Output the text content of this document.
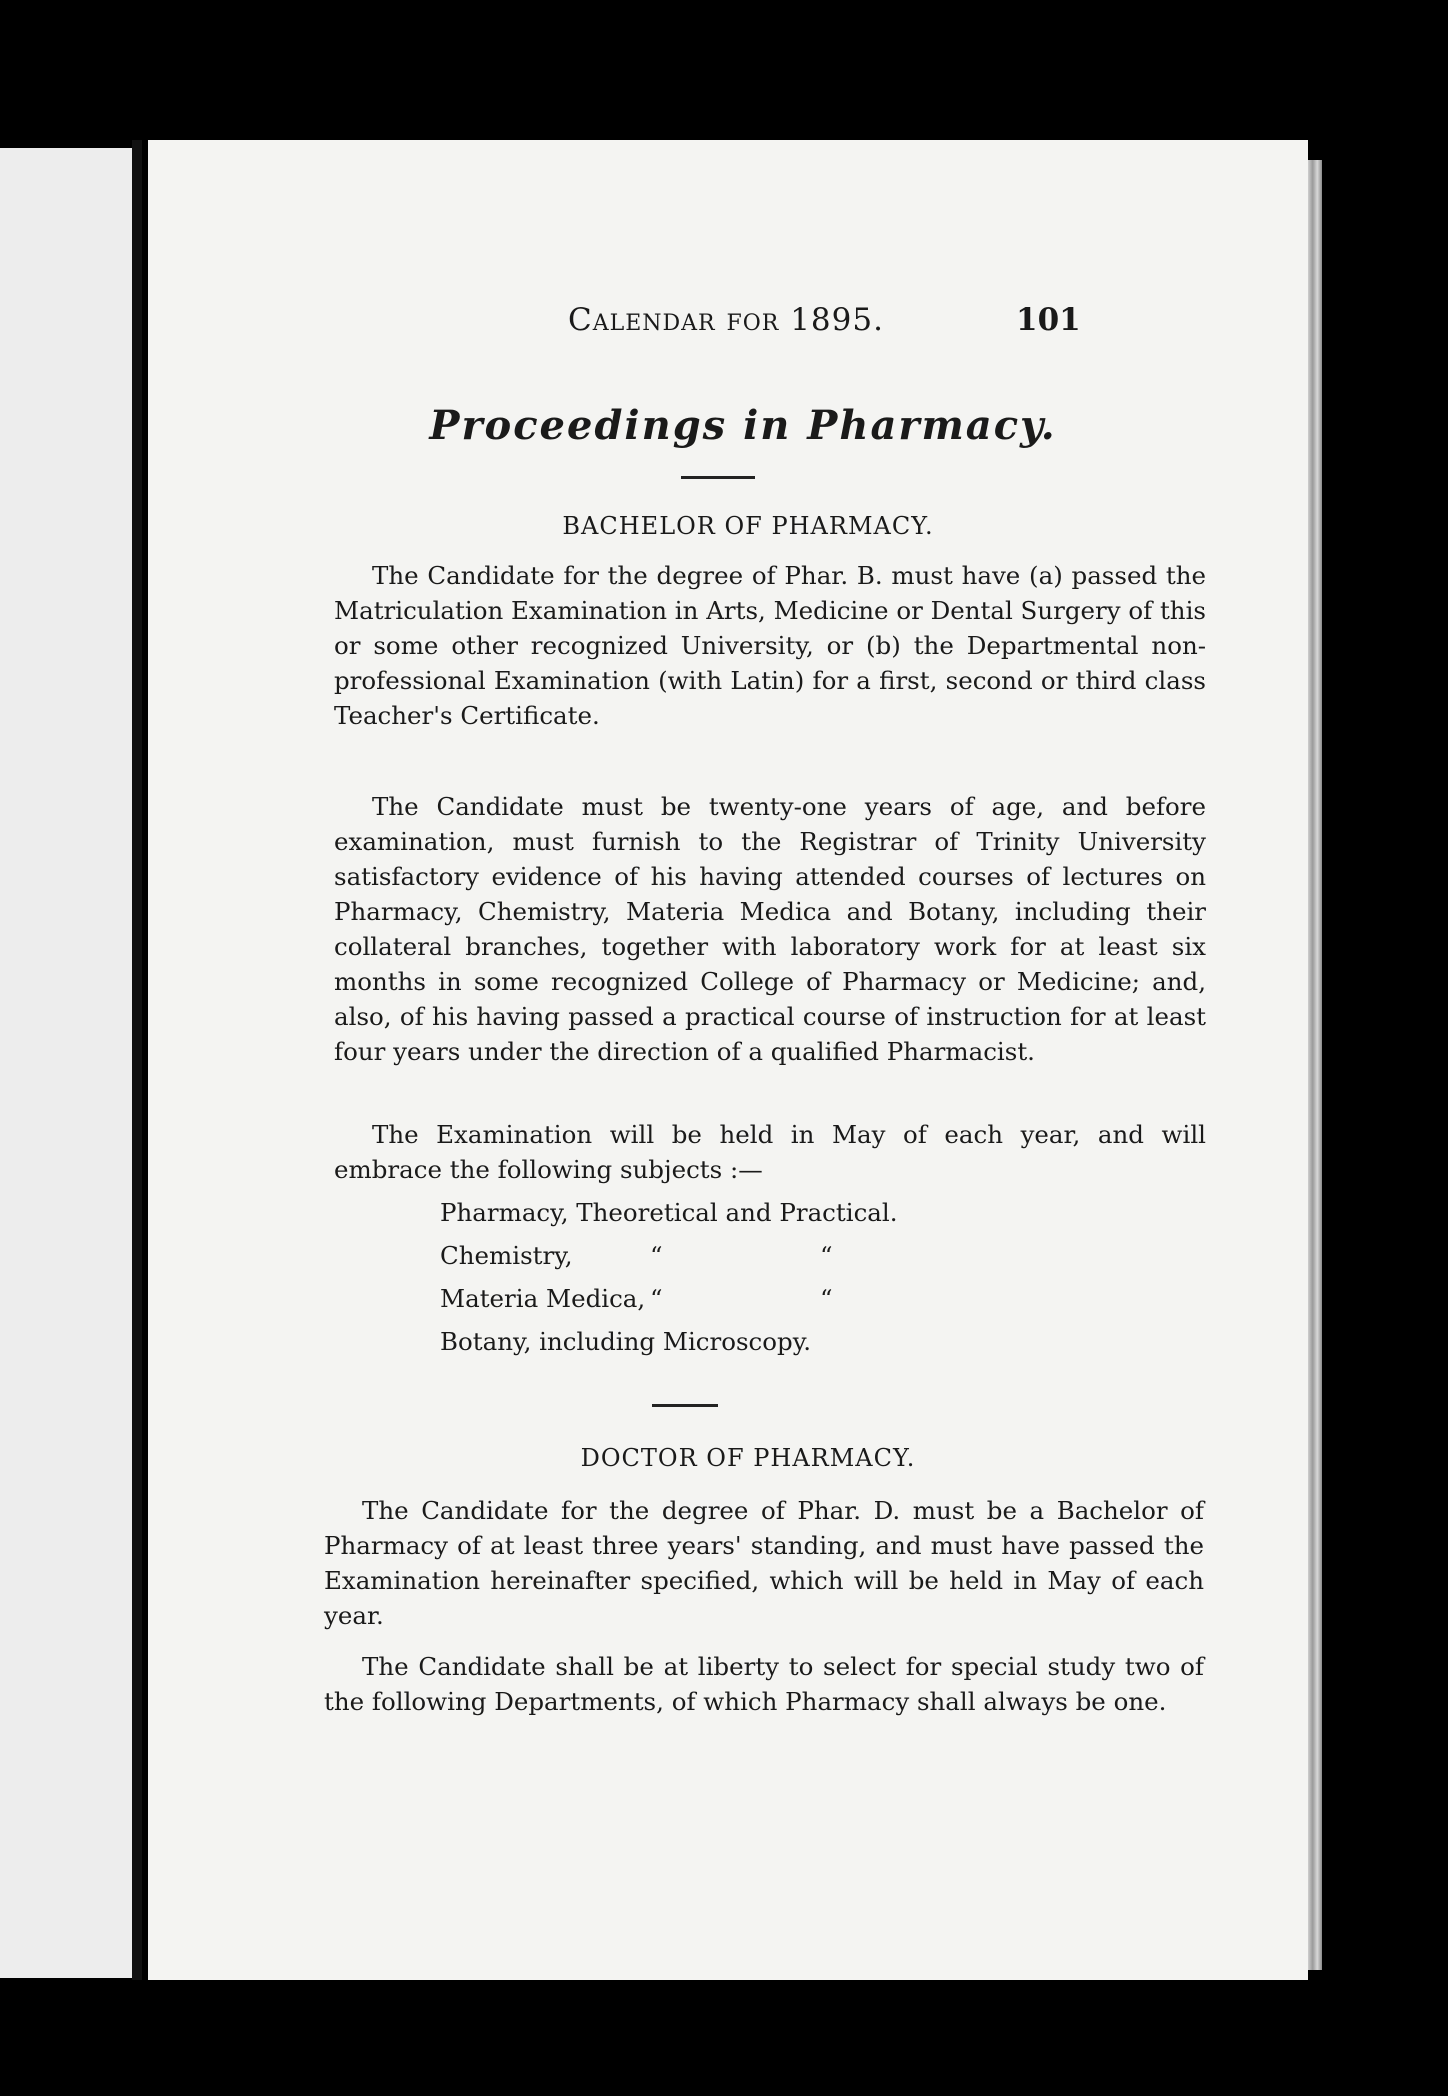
Calendar for 1895.	101
Proceedings in Pharmacy.
BACHELOR OF PHARMACY.

The Candidate for the degree of Phar. B. must have (a) passed the Matriculation Examination in Arts, Medicine or Dental Surgery of this or some other recognized University, or (b) the Departmental non-professional Examination (with Latin) for a first, second or third class Teacher's Certificate.

The Candidate must be twenty-one years of age, and before examination, must furnish to the Registrar of Trinity University satisfactory evidence of his having attended courses of lectures on Pharmacy, Chemistry, Materia Medica and Botany, including their collateral branches, together with laboratory work for at least six months in some recognized College of Pharmacy or Medicine; and, also, of his having passed a practical course of instruction for at least four years under the direction of a qualified Pharmacist.

The Examination will be held in May of each year, and will embrace the following subjects :—

Pharmacy, Theoretical and Practical.
Chemistry,	“	“
Materia Medica, “	“
Botany, including Microscopy.
DOCTOR OF PHARMACY.

The Candidate for the degree of Phar. D. must be a Bachelor of Pharmacy of at least three years' standing, and must have passed the Examination hereinafter specified, which will be held in May of each year.

The Candidate shall be at liberty to select for special study two of the following Departments, of which Pharmacy shall always be one.
